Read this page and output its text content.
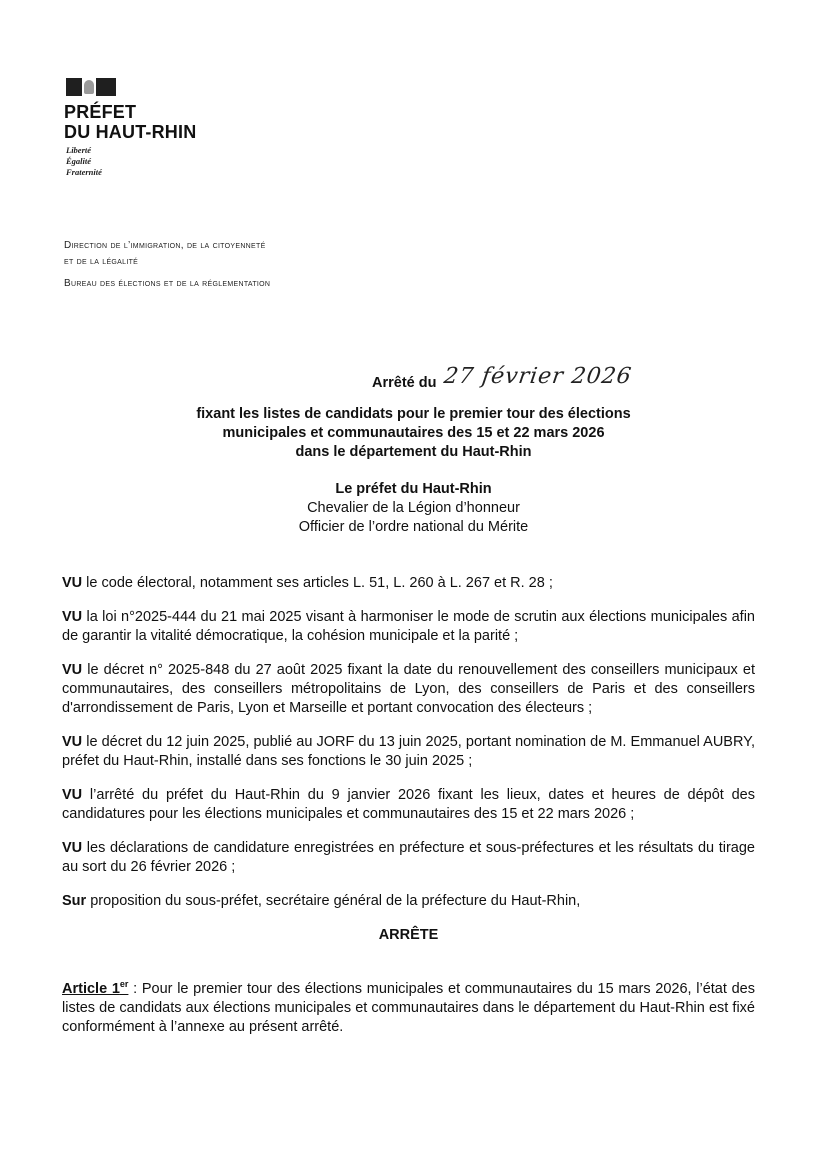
PRÉFET
DU HAUT-RHIN
Liberté
Égalité
Fraternité
Direction de l’immigration, de la citoyenneté
et de la légalité
Bureau des élections et de la réglementation
Arrêté du 27 février 2026
fixant les listes de candidats pour le premier tour des élections
municipales et communautaires des 15 et 22 mars 2026
dans le département du Haut-Rhin
Le préfet du Haut-Rhin
Chevalier de la Légion d’honneur
Officier de l’ordre national du Mérite

VU le code électoral, notamment ses articles L. 51, L. 260 à L. 267 et R. 28 ;

VU la loi n°2025-444 du 21 mai 2025 visant à harmoniser le mode de scrutin aux élections municipales afin de garantir la vitalité démocratique, la cohésion municipale et la parité ;

VU le décret n° 2025-848 du 27 août 2025 fixant la date du renouvellement des conseillers municipaux et communautaires, des conseillers métropolitains de Lyon, des conseillers de Paris et des conseillers d'arrondissement de Paris, Lyon et Marseille et portant convocation des électeurs ;

VU le décret du 12 juin 2025, publié au JORF du 13 juin 2025, portant nomination de M. Emmanuel AUBRY, préfet du Haut-Rhin, installé dans ses fonctions le 30 juin 2025 ;

VU l’arrêté du préfet du Haut-Rhin du 9 janvier 2026 fixant les lieux, dates et heures de dépôt des candidatures pour les élections municipales et communautaires des 15 et 22 mars 2026 ;

VU les déclarations de candidature enregistrées en préfecture et sous-préfectures et les résultats du tirage au sort du 26 février 2026 ;

Sur proposition du sous-préfet, secrétaire général de la préfecture du Haut-Rhin,

ARRÊTE

Article 1er : Pour le premier tour des élections municipales et communautaires du 15 mars 2026, l’état des listes de candidats aux élections municipales et communautaires dans le département du Haut-Rhin est fixé conformément à l’annexe au présent arrêté.
